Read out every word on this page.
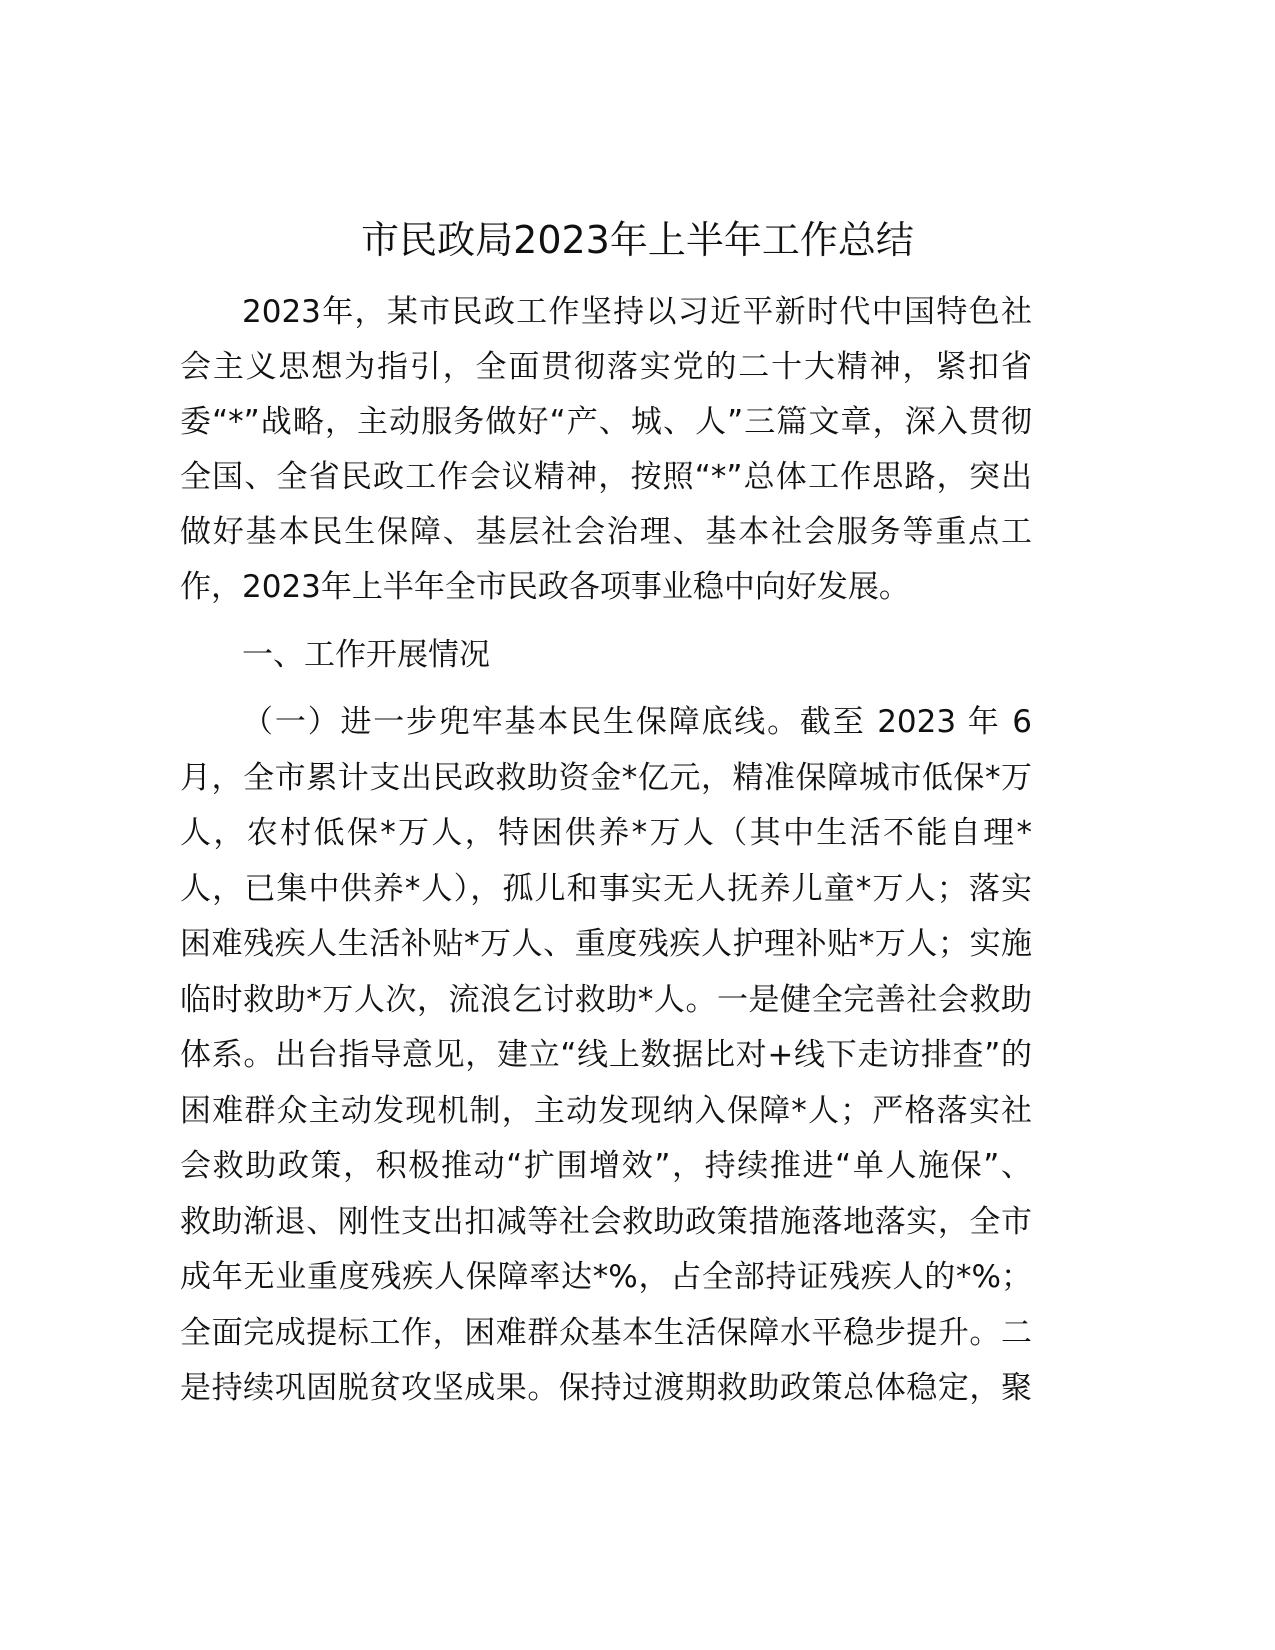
市民政局2023年上半年工作总结
2023年，某市民政工作坚持以习近平新时代中国特色社
会主义思想为指引，全面贯彻落实党的二十大精神，紧扣省
委“*”战略，主动服务做好“产、城、人”三篇文章，深入贯彻
全国、全省民政工作会议精神，按照“*”总体工作思路，突出
做好基本民生保障、基层社会治理、基本社会服务等重点工
作，2023年上半年全市民政各项事业稳中向好发展。
一、工作开展情况
（一）进一步兜牢基本民生保障底线。截至 2023 年 6
月，全市累计支出民政救助资金*亿元，精准保障城市低保*万
人，农村低保*万人，特困供养*万人（其中生活不能自理*
人，已集中供养*人），孤儿和事实无人抚养儿童*万人；落实
困难残疾人生活补贴*万人、重度残疾人护理补贴*万人；实施
临时救助*万人次，流浪乞讨救助*人。一是健全完善社会救助
体系。出台指导意见，建立“线上数据比对+线下走访排查”的
困难群众主动发现机制，主动发现纳入保障*人；严格落实社
会救助政策，积极推动“扩围增效”，持续推进“单人施保”、
救助渐退、刚性支出扣减等社会救助政策措施落地落实，全市
成年无业重度残疾人保障率达*%，占全部持证残疾人的*%；
全面完成提标工作，困难群众基本生活保障水平稳步提升。二
是持续巩固脱贫攻坚成果。保持过渡期救助政策总体稳定，聚
